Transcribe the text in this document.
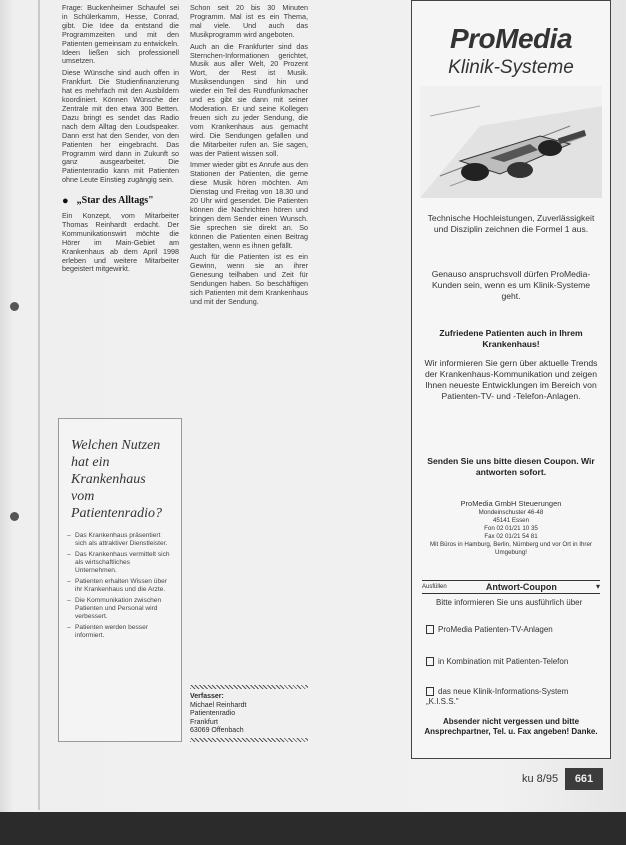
Frage: Buckenheimer Schaufel sei in Schülerkamm, Hesse, Conrad, gibt. Die Idee da entstand die Programmzeiten und mit den Patienten gemeinsam zu entwickeln. Ideen ließen sich professionell umsetzen.

Diese Wünsche sind auch offen in Frankfurt. Die Studienfinanzierung hat es mehrfach mit den Ausbildern koordiniert. Können Wünsche der Zentrale mit den etwa 300 Betten. Dazu bringt es sendet das Radio nach dem Alltag den Loudspeaker. Dann erst hat den Sender, von den Patienten her eingebracht. Das Programm wird dann in Zukunft so ganz ausgearbeitet. Die Patientenradio kann mit Patienten ohne Leute Einstieg zugängig sein.

● „Star des Alltags"

Ein Konzept, vom Mitarbeiter Thomas Reinhardt erdacht. Der Kommunikationswirt möchte die Hörer im Main-Gebiet am Krankenhaus ab dem April 1998 erleben und weitere Mitarbeiter begeistert mitgewirkt.

Welchen Nutzen hat ein Krankenhaus vom Patientenradio?
– Das Krankenhaus präsentiert sich als attraktiver Dienstleister.
– Das Krankenhaus vermittelt sich als wirtschaftliches Unternehmen.
– Patienten erhalten Wissen über ihr Krankenhaus und die Arzte.
– Die Kommunikation zwischen Patienten und Personal wird verbessert.
– Patienten werden besser informiert.

Schon seit 20 bis 30 Minuten Programm. Mal ist es ein Thema, mal viele. Und auch das Musikprogramm wird angeboten.

Auch an die Frankfurter sind das Sternchen-Informationen gerichtet, Musik aus aller Welt, 20 Prozent Wort, der Rest ist Musik. Musiksendungen sind hin und wieder ein Teil des Rundfunkmacher und es gibt sie dann mit seiner Moderation. Er und seine Kollegen freuen sich zu jeder Sendung, die vom Krankenhaus aus gemacht wird. Die Sendungen gefallen und die Mitarbeiter rufen an. Sie sagen, was der Patient wissen soll.

Immer wieder gibt es Anrufe aus den Stationen der Patienten, die gerne diese Musik hören möchten. Am Dienstag und Freitag von 18.30 und 20 Uhr wird gesendet. Die Patienten können die Nachrichten hören und bringen dem Sender einen Wunsch. Sie sprechen sie direkt an. So können die Patienten einen Beitrag gestalten, wenn es ihnen gefällt.

Auch für die Patienten ist es ein Gewinn, wenn sie an ihrer Genesung teilhaben und Zeit für Sendungen haben. So beschäftigen sich Patienten mit dem Krankenhaus und mit der Sendung.

Verfasser:
Michael Reinhardt
Patientenradio
Frankfurt
63069 Offenbach
ProMedia
Klinik-Systeme
Technische Hochleistungen, Zuverlässigkeit und Disziplin zeichnen die Formel 1 aus.
Genauso anspruchsvoll dürfen ProMedia-Kunden sein, wenn es um Klinik-Systeme geht.
Zufriedene Patienten auch in Ihrem Krankenhaus!
Wir informieren Sie gern über aktuelle Trends der Krankenhaus-Kommunikation und zeigen Ihnen neueste Entwicklungen im Bereich von Patienten-TV- und -Telefon-Anlagen.
Senden Sie uns bitte diesen Coupon. Wir antworten sofort.
ProMedia GmbH Steuerungen
Mondeinschuster 46-48
45141 Essen
Fon 02 01/21 10 35
Fax 02 01/21 54 81
Mit Büros in Hamburg, Berlin, Nürnberg und vor Ort in Ihrer Umgebung!
Ausfüllen	Antwort-Coupon	▾
Bitte informieren Sie uns ausführlich über
ProMedia Patienten-TV-Anlagen
in Kombination mit Patienten-Telefon
das neue Klinik-Informations-System „K.I.S.S."
Absender nicht vergessen und bitte Ansprechpartner, Tel. u. Fax angeben! Danke.
ku 8/95	661
